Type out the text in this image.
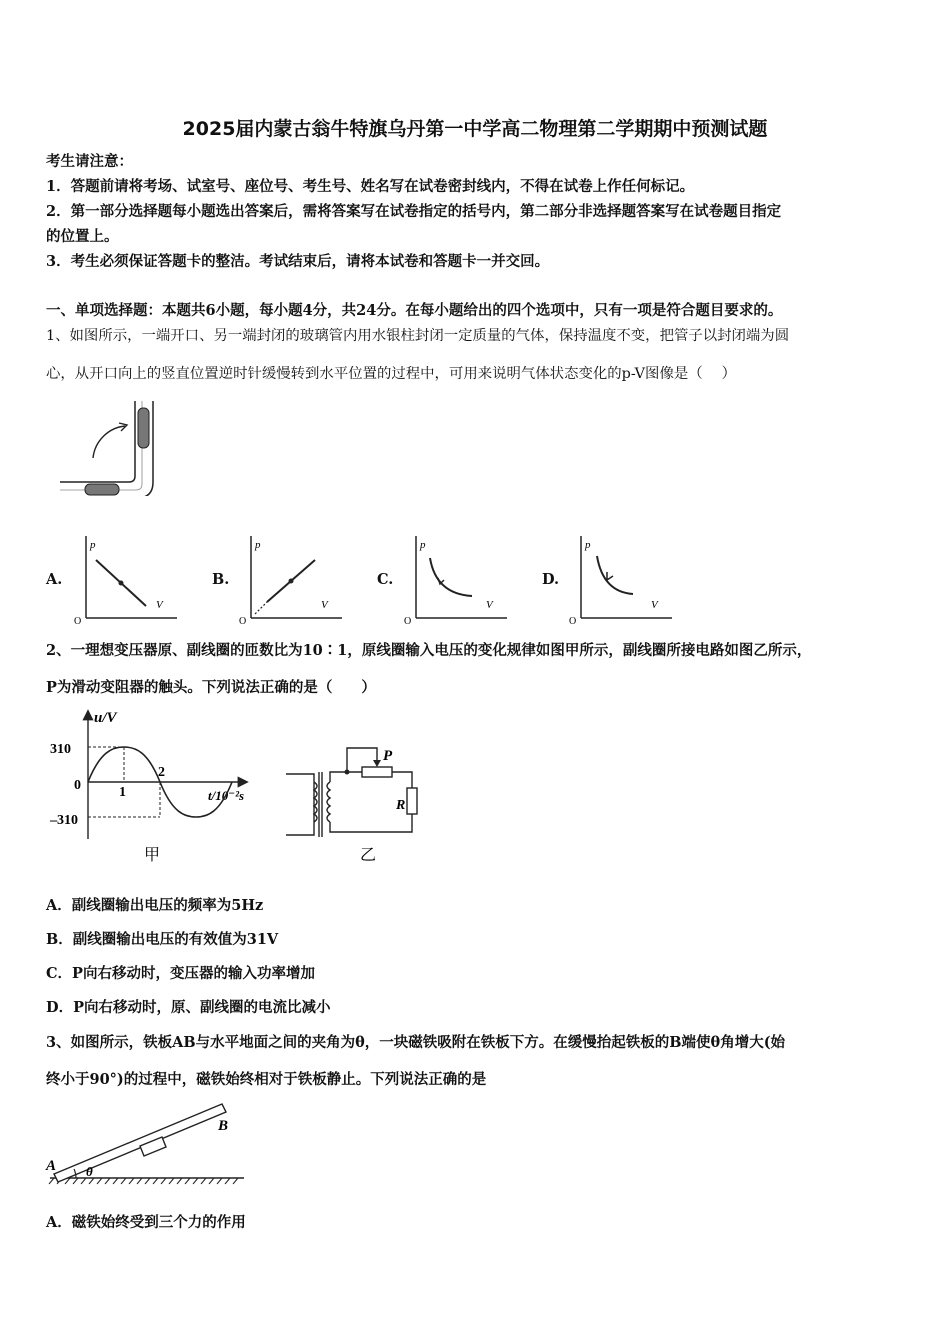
2025届内蒙古翁牛特旗乌丹第一中学高二物理第二学期期中预测试题
考生请注意：
1．答题前请将考场、试室号、座位号、考生号、姓名写在试卷密封线内，不得在试卷上作任何标记。
2．第一部分选择题每小题选出答案后，需将答案写在试卷指定的括号内，第二部分非选择题答案写在试卷题目指定
的位置上。
3．考生必须保证答题卡的整洁。考试结束后，请将本试卷和答题卡一并交回。
一、单项选择题：本题共6小题，每小题4分，共24分。在每小题给出的四个选项中，只有一项是符合题目要求的。
1、如图所示，一端开口、另一端封闭的玻璃管内用水银柱封闭一定质量的气体，保持温度不变，把管子以封闭端为圆
心，从开口向上的竖直位置逆时针缓慢转到水平位置的过程中，可用来说明气体状态变化的p-V图像是（　 ）
A.	B.	C.	D.
p
V
O
p
V
O
p
V
O
p
V
O
2、一理想变压器原、副线圈的匝数比为10∶1，原线圈输入电压的变化规律如图甲所示，副线圈所接电路如图乙所示，
P为滑动变阻器的触头。下列说法正确的是（　　）
u/V
310
0
–310
1
2
t/10⁻²s
甲
P
R
乙
A．副线圈输出电压的频率为5Hz
B．副线圈输出电压的有效值为31V
C．P向右移动时，变压器的输入功率增加
D．P向右移动时，原、副线圈的电流比减小
3、如图所示，铁板AB与水平地面之间的夹角为θ，一块磁铁吸附在铁板下方。在缓慢抬起铁板的B端使θ角增大(始
终小于90°)的过程中，磁铁始终相对于铁板静止。下列说法正确的是
A
B
θ
A．磁铁始终受到三个力的作用
